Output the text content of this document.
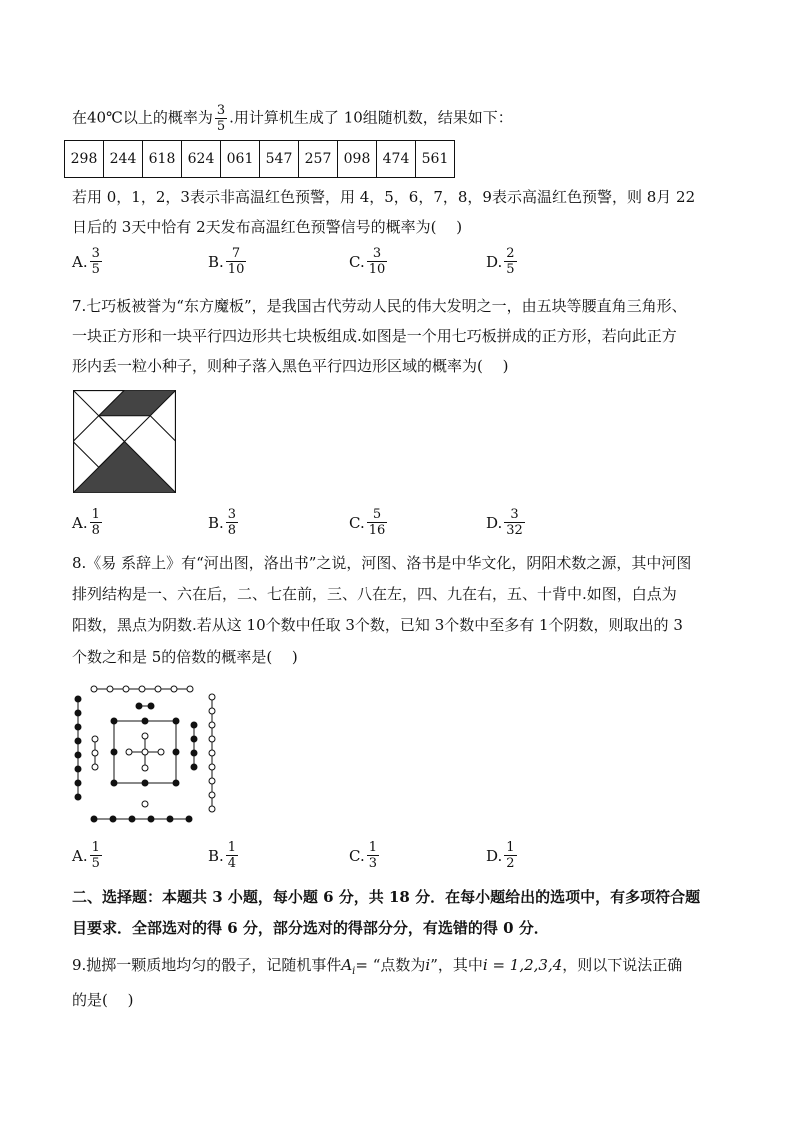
在40℃以上的概率为 $\frac{3}{5}$ .用计算机生成了 10组随机数，结果如下：
298	244	618	624	061	547	257	098	474	561
若用 0，1，2，3表示非高温红色预警，用 4，5，6，7，8，9表示高温红色预警，则 8月 22
日后的 3天中恰有 2天发布高温红色预警信号的概率为(　 )
A. $\frac{3}{5}$	B. $\frac{7}{10}$	C. $\frac{3}{10}$	D. $\frac{2}{5}$
7.七巧板被誉为“东方魔板”，是我国古代劳动人民的伟大发明之一，由五块等腰直角三角形、
一块正方形和一块平行四边形共七块板组成.如图是一个用七巧板拼成的正方形，若向此正方
形内丢一粒小种子，则种子落入黑色平行四边形区域的概率为(　 )
A. $\frac{1}{8}$	B. $\frac{3}{8}$	C. $\frac{5}{16}$	D. $\frac{3}{32}$
8.《易 系辞上》有“河出图，洛出书”之说，河图、洛书是中华文化，阴阳术数之源，其中河图
排列结构是一、六在后，二、七在前，三、八在左，四、九在右，五、十背中.如图，白点为
阳数，黑点为阴数.若从这 10个数中任取 3个数，已知 3个数中至多有 1个阴数，则取出的 3
个数之和是 5的倍数的概率是(　 )
A. $\frac{1}{5}$	B. $\frac{1}{4}$	C. $\frac{1}{3}$	D. $\frac{1}{2}$
二、选择题：本题共 3 小题，每小题 6 分，共 18 分．在每小题给出的选项中，有多项符合题
目要求．全部选对的得 6 分，部分选对的得部分分，有选错的得 0 分．
9.抛掷一颗质地均匀的骰子，记随机事件$A_i=$ “点数为i”，其中i = 1,2,3,4，则以下说法正确
的是(　 )
